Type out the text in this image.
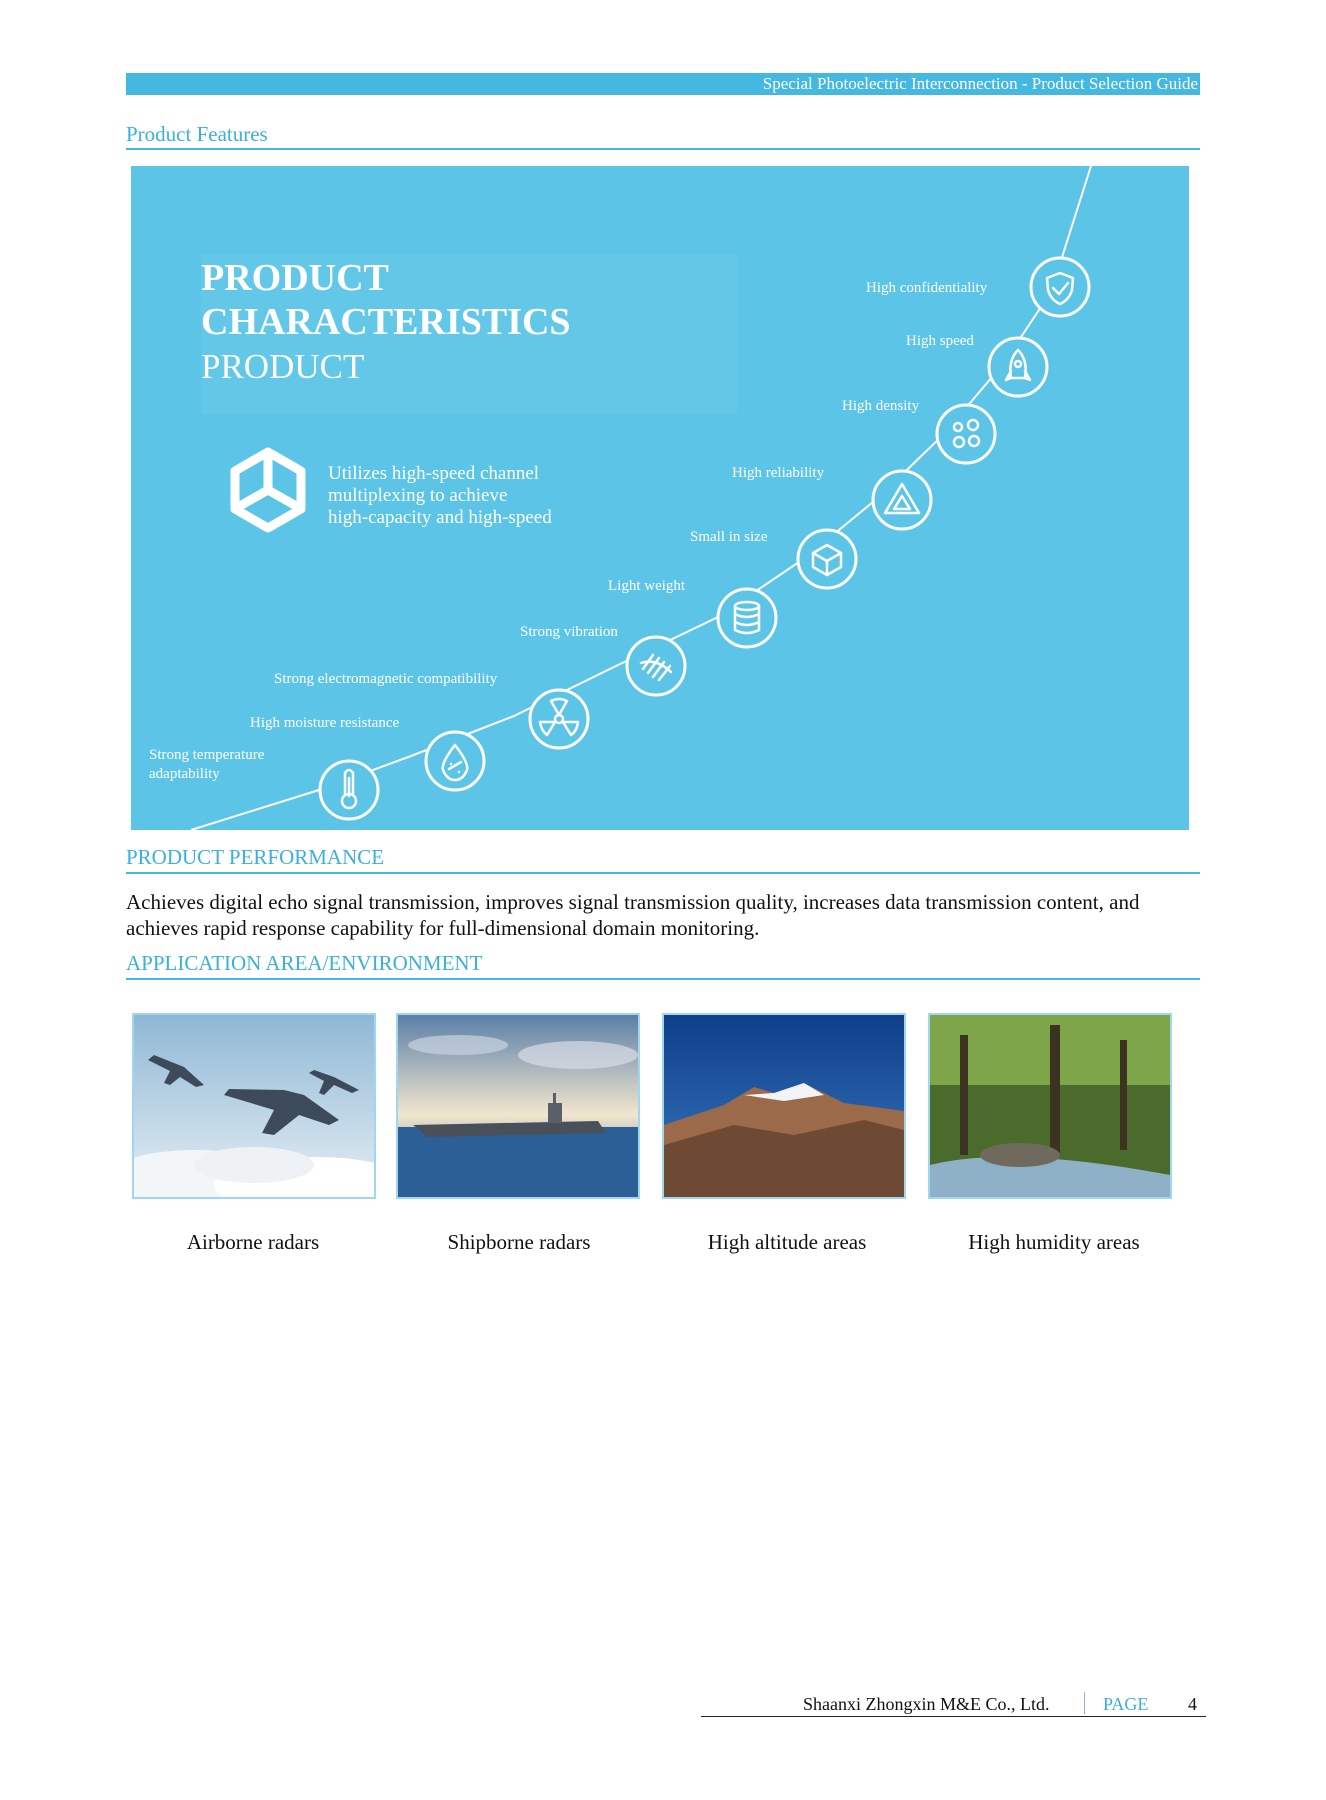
Special Photoelectric Interconnection - Product Selection Guide
Product Features
PRODUCT
CHARACTERISTICS
PRODUCT
Utilizes high-speed channel
multiplexing to achieve
high-capacity and high-speed
High confidentiality
High speed
High density
High reliability
Small in size
Light weight
Strong vibration
Strong electromagnetic compatibility
High moisture resistance
Strong temperature
adaptability
PRODUCT PERFORMANCE
Achieves digital echo signal transmission, improves signal transmission quality, increases data transmission content, and achieves rapid response capability for full-dimensional domain monitoring.
APPLICATION AREA/ENVIRONMENT
Airborne radars	Shipborne radars	High altitude areas	High humidity areas
Shaanxi Zhongxin M&E Co., Ltd.	PAGE 4
